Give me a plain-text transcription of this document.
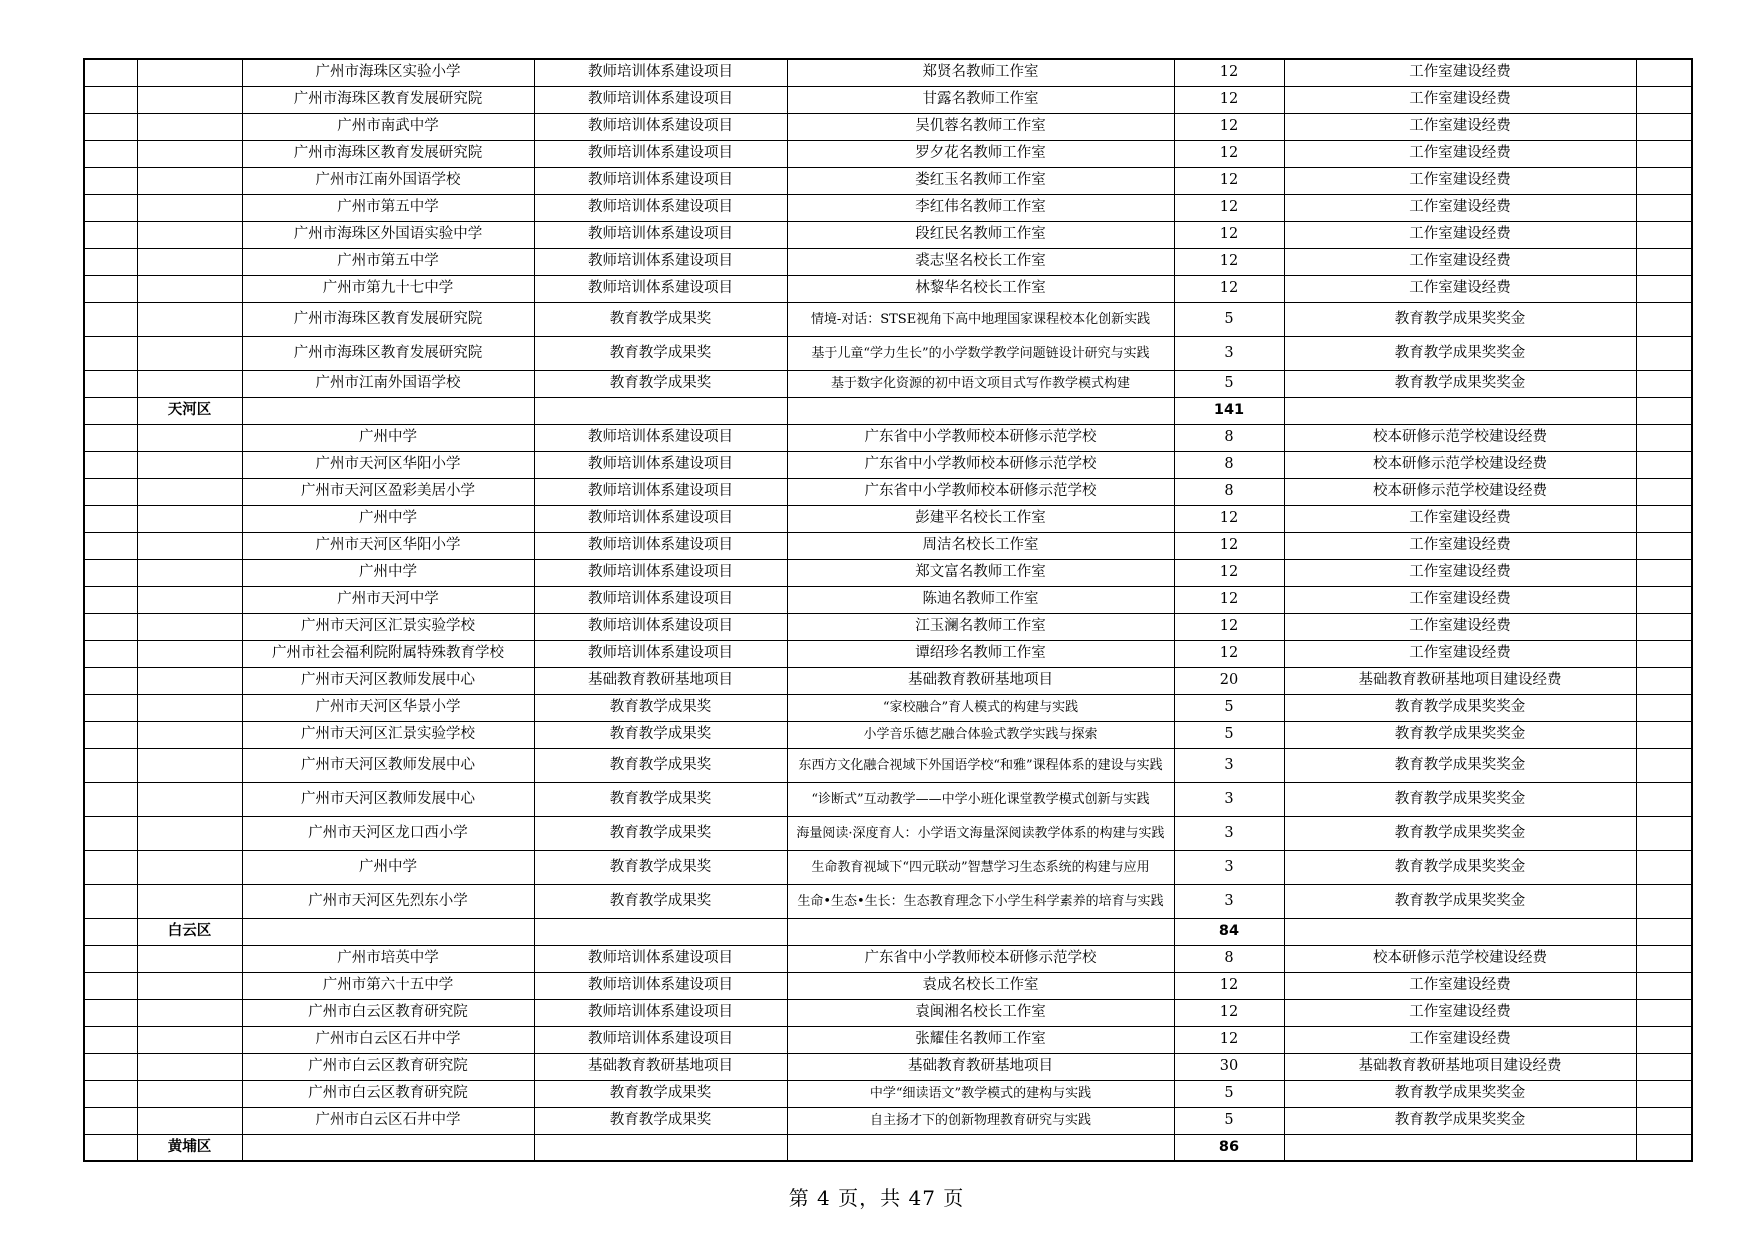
		广州市海珠区实验小学	教师培训体系建设项目	郑贤名教师工作室	12	工作室建设经费	
		广州市海珠区教育发展研究院	教师培训体系建设项目	甘露名教师工作室	12	工作室建设经费	
		广州市南武中学	教师培训体系建设项目	吴仉蓉名教师工作室	12	工作室建设经费	
		广州市海珠区教育发展研究院	教师培训体系建设项目	罗夕花名教师工作室	12	工作室建设经费	
		广州市江南外国语学校	教师培训体系建设项目	娄红玉名教师工作室	12	工作室建设经费	
		广州市第五中学	教师培训体系建设项目	李红伟名教师工作室	12	工作室建设经费	
		广州市海珠区外国语实验中学	教师培训体系建设项目	段红民名教师工作室	12	工作室建设经费	
		广州市第五中学	教师培训体系建设项目	裘志坚名校长工作室	12	工作室建设经费	
		广州市第九十七中学	教师培训体系建设项目	林黎华名校长工作室	12	工作室建设经费	
		广州市海珠区教育发展研究院	教育教学成果奖	情境-对话：STSE视角下高中地理国家课程校本化创新实践	5	教育教学成果奖奖金	
		广州市海珠区教育发展研究院	教育教学成果奖	基于儿童“学力生长”的小学数学教学问题链设计研究与实践	3	教育教学成果奖奖金	
		广州市江南外国语学校	教育教学成果奖	基于数字化资源的初中语文项目式写作教学模式构建	5	教育教学成果奖奖金	
	天河区				141		
		广州中学	教师培训体系建设项目	广东省中小学教师校本研修示范学校	8	校本研修示范学校建设经费	
		广州市天河区华阳小学	教师培训体系建设项目	广东省中小学教师校本研修示范学校	8	校本研修示范学校建设经费	
		广州市天河区盈彩美居小学	教师培训体系建设项目	广东省中小学教师校本研修示范学校	8	校本研修示范学校建设经费	
		广州中学	教师培训体系建设项目	彭建平名校长工作室	12	工作室建设经费	
		广州市天河区华阳小学	教师培训体系建设项目	周洁名校长工作室	12	工作室建设经费	
		广州中学	教师培训体系建设项目	郑文富名教师工作室	12	工作室建设经费	
		广州市天河中学	教师培训体系建设项目	陈迪名教师工作室	12	工作室建设经费	
		广州市天河区汇景实验学校	教师培训体系建设项目	江玉澜名教师工作室	12	工作室建设经费	
		广州市社会福利院附属特殊教育学校	教师培训体系建设项目	谭绍珍名教师工作室	12	工作室建设经费	
		广州市天河区教师发展中心	基础教育教研基地项目	基础教育教研基地项目	20	基础教育教研基地项目建设经费	
		广州市天河区华景小学	教育教学成果奖	“家校融合”育人模式的构建与实践	5	教育教学成果奖奖金	
		广州市天河区汇景实验学校	教育教学成果奖	小学音乐德艺融合体验式教学实践与探索	5	教育教学成果奖奖金	
		广州市天河区教师发展中心	教育教学成果奖	东西方文化融合视域下外国语学校“和雅”课程体系的建设与实践	3	教育教学成果奖奖金	
		广州市天河区教师发展中心	教育教学成果奖	“诊断式”互动教学——中学小班化课堂教学模式创新与实践	3	教育教学成果奖奖金	
		广州市天河区龙口西小学	教育教学成果奖	海量阅读·深度育人：小学语文海量深阅读教学体系的构建与实践	3	教育教学成果奖奖金	
		广州中学	教育教学成果奖	生命教育视域下“四元联动”智慧学习生态系统的构建与应用	3	教育教学成果奖奖金	
		广州市天河区先烈东小学	教育教学成果奖	生命•生态•生长：生态教育理念下小学生科学素养的培育与实践	3	教育教学成果奖奖金	
	白云区				84		
		广州市培英中学	教师培训体系建设项目	广东省中小学教师校本研修示范学校	8	校本研修示范学校建设经费	
		广州市第六十五中学	教师培训体系建设项目	袁成名校长工作室	12	工作室建设经费	
		广州市白云区教育研究院	教师培训体系建设项目	袁闽湘名校长工作室	12	工作室建设经费	
		广州市白云区石井中学	教师培训体系建设项目	张耀佳名教师工作室	12	工作室建设经费	
		广州市白云区教育研究院	基础教育教研基地项目	基础教育教研基地项目	30	基础教育教研基地项目建设经费	
		广州市白云区教育研究院	教育教学成果奖	中学“细读语文”教学模式的建构与实践	5	教育教学成果奖奖金	
		广州市白云区石井中学	教育教学成果奖	自主扬才下的创新物理教育研究与实践	5	教育教学成果奖奖金	
	黄埔区				86		
第 4 页，共 47 页
